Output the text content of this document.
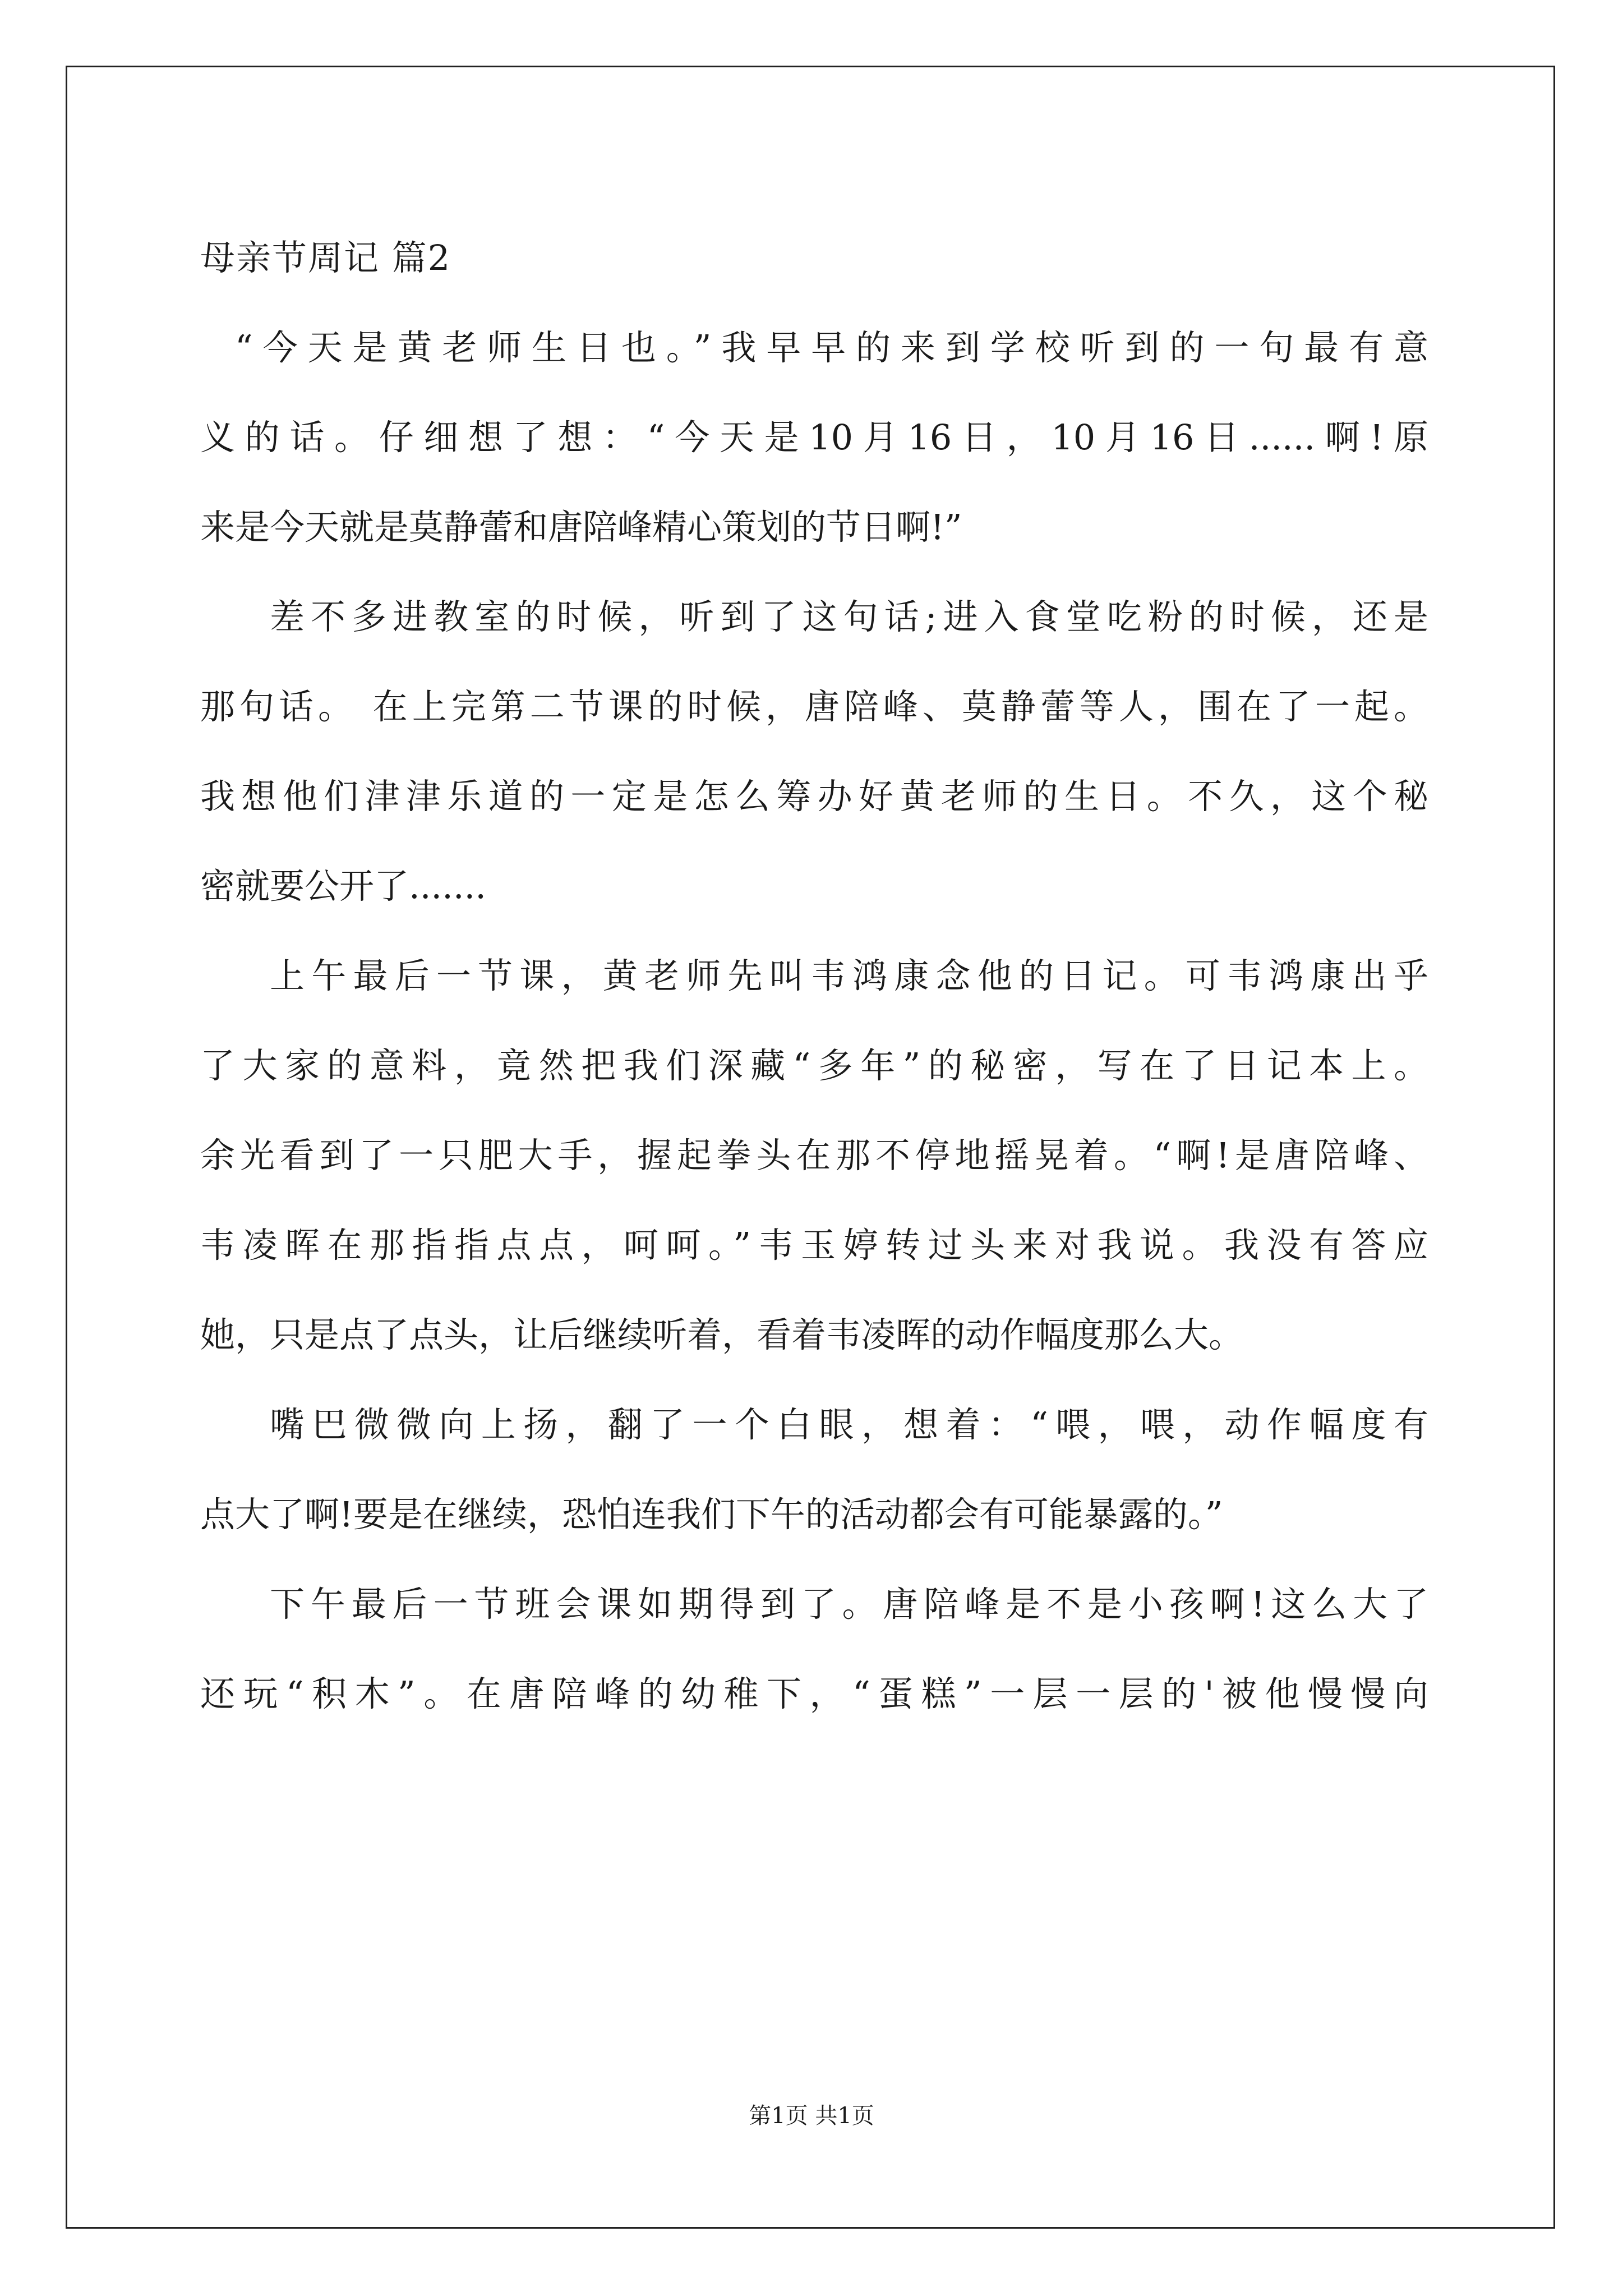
母亲节周记 篇2
“今天是黄老师生日也。”我早早的来到学校听到的一句最有意
义的话。仔细想了想：“今天是10月16日，10月16日......啊!原
来是今天就是莫静蕾和唐陪峰精心策划的节日啊!”
差不多进教室的时候，听到了这句话;进入食堂吃粉的时候，还是
那句话。 在上完第二节课的时候，唐陪峰、莫静蕾等人，围在了一起。
我想他们津津乐道的一定是怎么筹办好黄老师的生日。不久，这个秘
密就要公开了.......
上午最后一节课，黄老师先叫韦鸿康念他的日记。可韦鸿康出乎
了大家的意料，竟然把我们深藏“多年”的秘密，写在了日记本上。
余光看到了一只肥大手，握起拳头在那不停地摇晃着。“啊!是唐陪峰、
韦凌晖在那指指点点，呵呵。”韦玉婷转过头来对我说。我没有答应
她，只是点了点头，让后继续听着，看着韦凌晖的动作幅度那么大。
嘴巴微微向上扬，翻了一个白眼，想着：“喂，喂，动作幅度有
点大了啊!要是在继续，恐怕连我们下午的活动都会有可能暴露的。”
下午最后一节班会课如期得到了。唐陪峰是不是小孩啊!这么大了
还玩“积木”。在唐陪峰的幼稚下，“蛋糕”一层一层的'被他慢慢向
第1页 共1页
